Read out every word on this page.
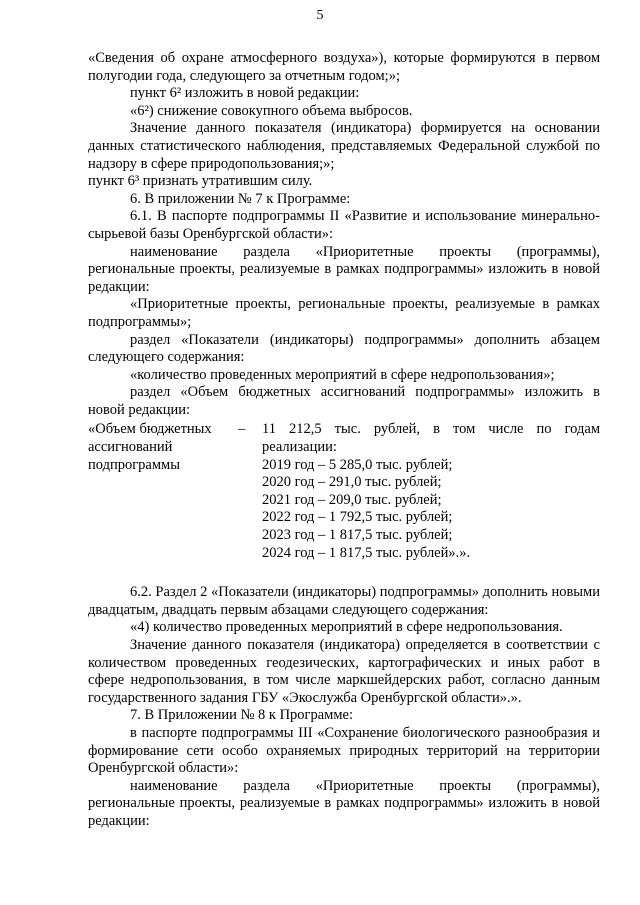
5

«Сведения об охране атмосферного воздуха»), которые формируются в первом полугодии года, следующего за отчетным годом;»;

пункт 6² изложить в новой редакции:

«6²) снижение совокупного объема выбросов.

Значение данного показателя (индикатора) формируется на основании данных статистического наблюдения, представляемых Федеральной службой по надзору в сфере природопользования;»;

пункт 6³ признать утратившим силу.

6. В приложении № 7 к Программе:

6.1. В паспорте подпрограммы II «Развитие и использование минерально-сырьевой базы Оренбургской области»:

наименование раздела «Приоритетные проекты (программы), региональные проекты, реализуемые в рамках подпрограммы» изложить в новой редакции:

«Приоритетные проекты, региональные проекты, реализуемые в рамках подпрограммы»;

раздел «Показатели (индикаторы) подпрограммы» дополнить абзацем следующего содержания:

«количество проведенных мероприятий в сфере недропользования»;

раздел «Объем бюджетных ассигнований подпрограммы» изложить в новой редакции:

«Объем бюджетных ассигнований подпрограммы
–	11 212,5 тыс. рублей, в том числе по годам реализации:

2019 год – 5 285,0 тыс. рублей;

2020 год – 291,0 тыс. рублей;

2021 год – 209,0 тыс. рублей;

2022 год – 1 792,5 тыс. рублей;

2023 год – 1 817,5 тыс. рублей;

2024 год – 1 817,5 тыс. рублей».».

6.2. Раздел 2 «Показатели (индикаторы) подпрограммы» дополнить новыми двадцатым, двадцать первым абзацами следующего содержания:

«4) количество проведенных мероприятий в сфере недропользования.

Значение данного показателя (индикатора) определяется в соответствии с количеством проведенных геодезических, картографических и иных работ в сфере недропользования, в том числе маркшейдерских работ, согласно данным государственного задания ГБУ «Экослужба Оренбургской области».».

7. В Приложении № 8 к Программе:

в паспорте подпрограммы III «Сохранение биологического разнообразия и формирование сети особо охраняемых природных территорий на территории Оренбургской области»:

наименование раздела «Приоритетные проекты (программы), региональные проекты, реализуемые в рамках подпрограммы» изложить в новой редакции:
